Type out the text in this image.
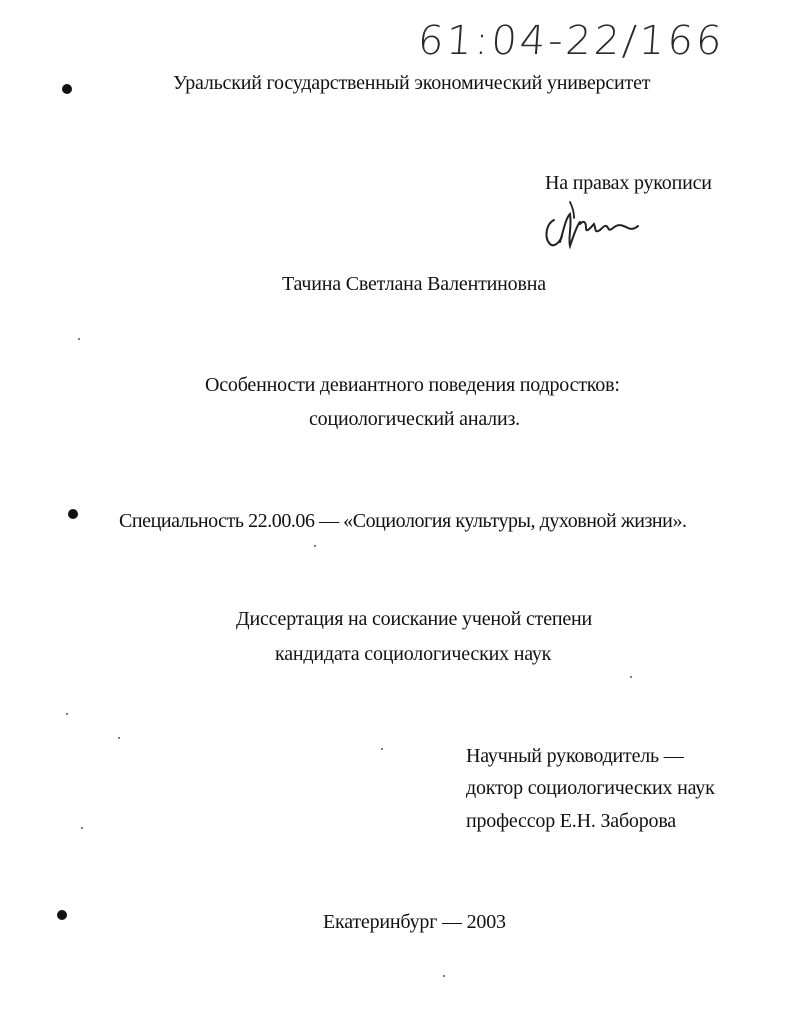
61:04-22/166
Уральский государственный экономический университет
На правах рукописи
Тачина Светлана Валентиновна
Особенности девиантного поведения подростков:
социологический анализ.
Специальность 22.00.06 — «Социология культуры, духовной жизни».
Диссертация на соискание ученой степени
кандидата социологических наук
Научный руководитель —
доктор социологических наук
профессор Е.Н. Заборова
Екатеринбург — 2003
